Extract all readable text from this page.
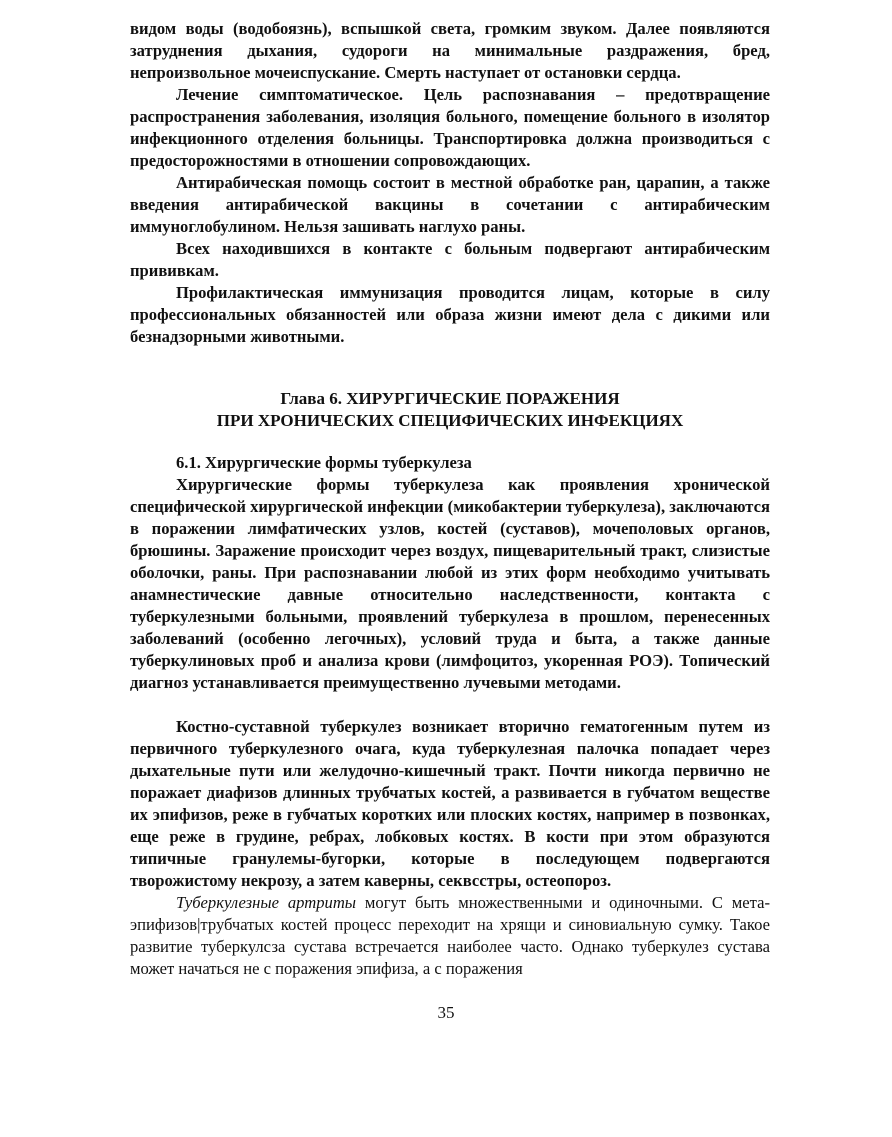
видом воды (водобоязнь), вспышкой света, громким звуком. Далее появляются затруднения дыхания, судороги на минимальные раздражения, бред, непроизвольное мочеиспускание. Смерть наступает от остановки сердца.

Лечение симптоматическое. Цель распознавания – предотвращение распространения заболевания, изоляция больного, помещение больного в изолятор инфекционного отделения больницы. Транспортировка должна производиться с предосторожностями в отношении сопровождающих.

Антирабическая помощь состоит в местной обработке ран, царапин, а также введения антирабической вакцины в сочетании с антирабическим иммуноглобулином. Нельзя зашивать наглухо раны.

Всех находившихся в контакте с больным подвергают антирабическим прививкам.

Профилактическая иммунизация проводится лицам, которые в силу профессиональных обязанностей или образа жизни имеют дела с дикими или безнадзорными животными.

Глава 6. ХИРУРГИЧЕСКИЕ ПОРАЖЕНИЯ
ПРИ ХРОНИЧЕСКИХ СПЕЦИФИЧЕСКИХ ИНФЕКЦИЯХ

6.1. Хирургические формы туберкулеза

Хирургические формы туберкулеза как проявления хронической специфической хирургической инфекции (микобактерии туберкулеза), заключаются в поражении лимфатических узлов, костей (суставов), мочеполовых органов, брюшины. Заражение происходит через воздух, пищеварительный тракт, слизистые оболочки, раны. При распознавании любой из этих форм необходимо учитывать анамнестические давные относительно наследственности, контакта с туберкулезными больными, проявлений туберкулеза в прошлом, перенесенных заболеваний (особенно легочных), условий труда и быта, а также данные туберкулиновых проб и анализа крови (лимфоцитоз, укоренная РОЭ). Топический диагноз устанавливается преимущественно лучевыми методами.

Костно-суставной туберкулез возникает вторично гематогенным путем из первичного туберкулезного очага, куда туберкулезная палочка попадает через дыхательные пути или желудочно-кишечный тракт. Почти никогда первично не поражает диафизов длинных трубчатых костей, а развивается в губчатом веществе их эпифизов, реже в губчатых коротких или плоских костях, например в позвонках, еще реже в грудине, ребрах, лобковых костях. В кости при этом образуются типичные гранулемы-бугорки, которые в последующем подвергаются творожистому некрозу, а затем каверны, секвсстры, остеопороз.

Туберкулезные артриты могут быть множественными и одиночными. С мета-эпифизов|трубчатых костей процесс переходит на хрящи и синовиальную сумку. Такое развитие туберкулсза сустава встречается наиболее часто. Однако туберкулез сустава может начаться не с поражения эпифиза, а с поражения

35
